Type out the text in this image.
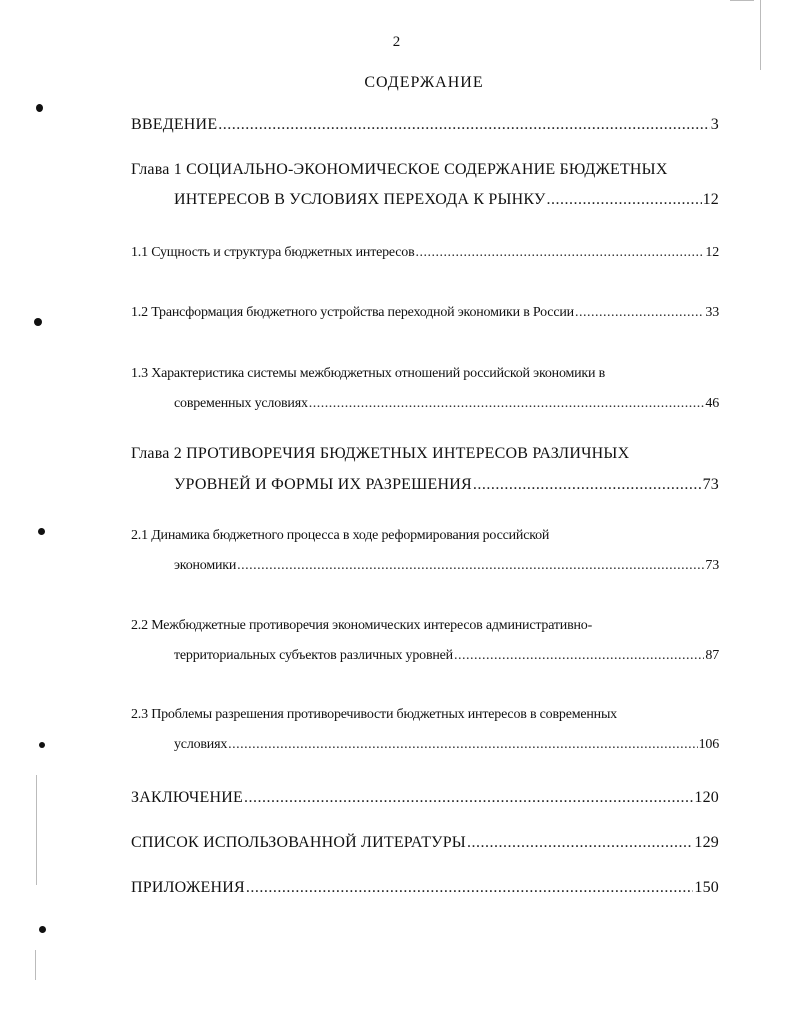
2
СОДЕРЖАНИЕ
ВВЕДЕНИЕ .....	3
Глава 1 СОЦИАЛЬНО-ЭКОНОМИЧЕСКОЕ СОДЕРЖАНИЕ БЮДЖЕТНЫХ
ИНТЕРЕСОВ В УСЛОВИЯХ ПЕРЕХОДА К РЫНКУ .....	12
1.1 Сущность и структура бюджетных интересов .....	12
1.2 Трансформация бюджетного устройства переходной экономики в России .....	33
1.3 Характеристика системы межбюджетных отношений российской экономики в
современных условиях .....	46
Глава 2 ПРОТИВОРЕЧИЯ БЮДЖЕТНЫХ ИНТЕРЕСОВ РАЗЛИЧНЫХ
УРОВНЕЙ И ФОРМЫ ИХ РАЗРЕШЕНИЯ .....	73
2.1 Динамика бюджетного процесса в ходе реформирования российской
экономики .....	73
2.2 Межбюджетные противоречия экономических интересов административно-
территориальных субъектов различных уровней .....	87
2.3 Проблемы разрешения противоречивости бюджетных интересов в современных
условиях .....	106
ЗАКЛЮЧЕНИЕ .....	120
СПИСОК ИСПОЛЬЗОВАННОЙ ЛИТЕРАТУРЫ .....	129
ПРИЛОЖЕНИЯ .....	150
